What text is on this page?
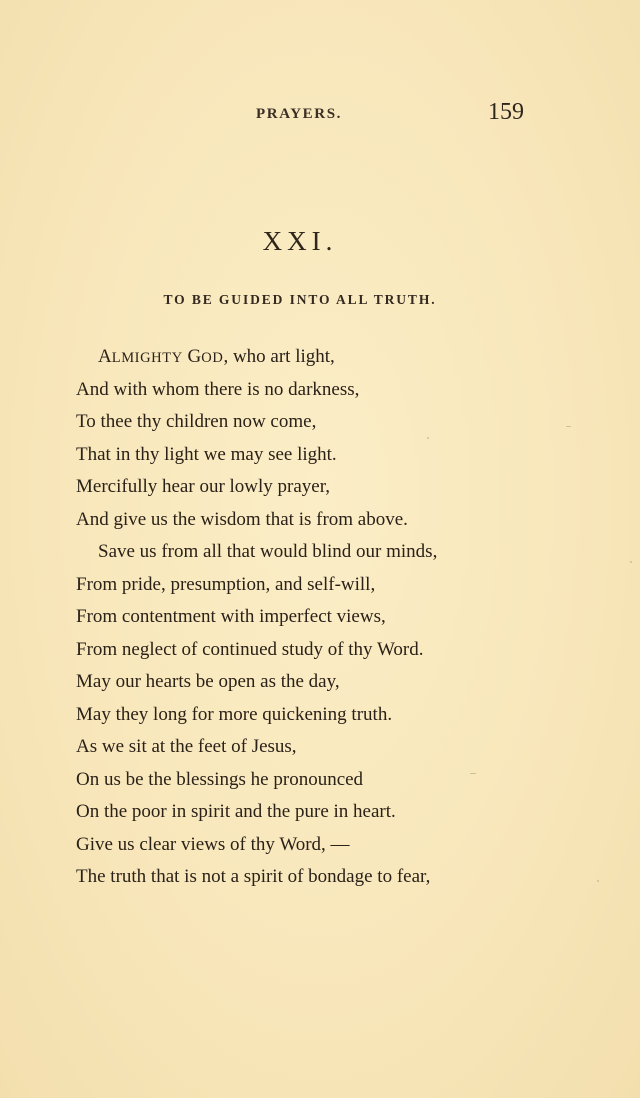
PRAYERS.	159
XXI.
TO BE GUIDED INTO ALL TRUTH.
ALMIGHTY GOD, who art light,
And with whom there is no darkness,
To thee thy children now come,
That in thy light we may see light.
Mercifully hear our lowly prayer,
And give us the wisdom that is from above.
Save us from all that would blind our minds,
From pride, presumption, and self-will,
From contentment with imperfect views,
From neglect of continued study of thy Word.
May our hearts be open as the day,
May they long for more quickening truth.
As we sit at the feet of Jesus,
On us be the blessings he pronounced
On the poor in spirit and the pure in heart.
Give us clear views of thy Word, —
The truth that is not a spirit of bondage to fear,
